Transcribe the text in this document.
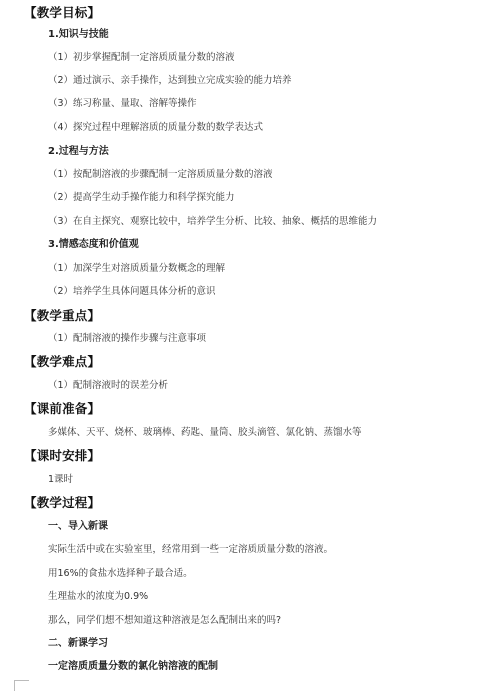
【教学目标】
1.知识与技能
（1）初步掌握配制一定溶质质量分数的溶液
（2）通过演示、亲手操作，达到独立完成实验的能力培养
（3）练习称量、量取、溶解等操作
（4）探究过程中理解溶质的质量分数的数学表达式
2.过程与方法
（1）按配制溶液的步骤配制一定溶质质量分数的溶液
（2）提高学生动手操作能力和科学探究能力
（3）在自主探究、观察比较中，培养学生分析、比较、抽象、概括的思维能力
3.情感态度和价值观
（1）加深学生对溶质质量分数概念的理解
（2）培养学生具体问题具体分析的意识
【教学重点】
（1）配制溶液的操作步骤与注意事项
【教学难点】
（1）配制溶液时的误差分析
【课前准备】
多媒体、天平、烧杯、玻璃棒、药匙、量筒、胶头滴管、氯化钠、蒸馏水等
【课时安排】
1课时
【教学过程】
一、导入新课
实际生活中或在实验室里，经常用到一些一定溶质质量分数的溶液。
用16%的食盐水选择种子最合适。
生理盐水的浓度为0.9%
那么，同学们想不想知道这种溶液是怎么配制出来的吗?
二、新课学习
一定溶质质量分数的氯化钠溶液的配制
